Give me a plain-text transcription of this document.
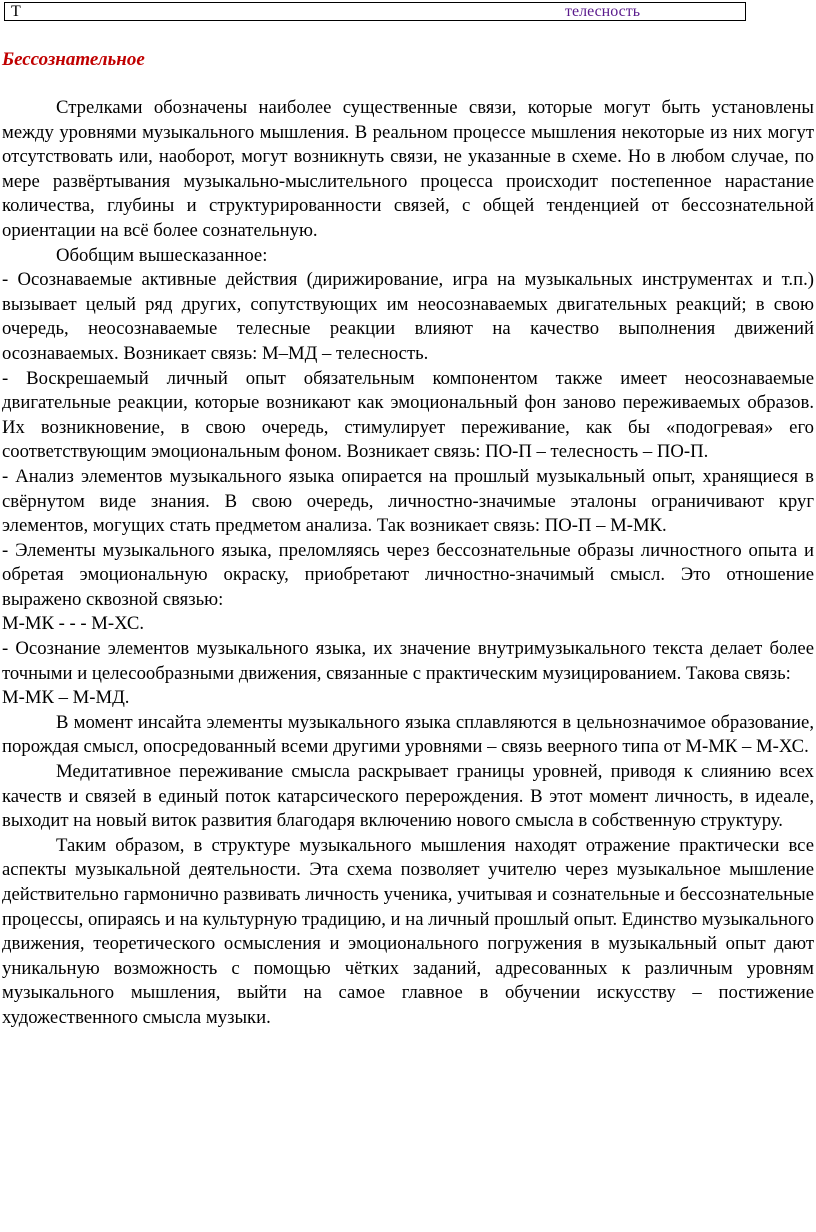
Т	телесность
Бессознательное

Стрелками обозначены наиболее существенные связи, которые могут быть установлены между уровнями музыкального мышления. В реальном процессе мышления некоторые из них могут отсутствовать или, наоборот, могут возникнуть связи, не указанные в схеме. Но в любом случае, по мере развёртывания музыкально-мыслительного процесса происходит постепенное нарастание количества, глубины и структурированности связей, с общей тенденцией от бессознательной ориентации на всё более сознательную.

Обобщим вышесказанное:

- Осознаваемые активные действия (дирижирование, игра на музыкальных инструментах и т.п.) вызывает целый ряд других, сопутствующих им неосознаваемых двигательных реакций; в свою очередь, неосознаваемые телесные реакции влияют на качество выполнения движений осознаваемых. Возникает связь: М–МД – телесность.

- Воскрешаемый личный опыт обязательным компонентом также имеет неосознаваемые двигательные реакции, которые возникают как эмоциональный фон заново переживаемых образов. Их возникновение, в свою очередь, стимулирует переживание, как бы «подогревая» его соответствующим эмоциональным фоном. Возникает связь: ПО-П – телесность – ПО-П.

- Анализ элементов музыкального языка опирается на прошлый музыкальный опыт, хранящиеся в свёрнутом виде знания. В свою очередь, личностно-значимые эталоны ограничивают круг элементов, могущих стать предметом анализа. Так возникает связь: ПО-П – М-МК.

- Элементы музыкального языка, преломляясь через бессознательные образы личностного опыта и обретая эмоциональную окраску, приобретают личностно-значимый смысл. Это отношение выражено сквозной связью:

М-МК - - - М-ХС.

- Осознание элементов музыкального языка, их значение внутримузыкального текста делает более точными и целесообразными движения, связанные с практическим музицированием. Такова связь:

М-МК – М-МД.

В момент инсайта элементы музыкального языка сплавляются в цельнозначимое образование, порождая смысл, опосредованный всеми другими уровнями – связь веерного типа от М-МК – М-ХС.

Медитативное переживание смысла раскрывает границы уровней, приводя к слиянию всех качеств и связей в единый поток катарсического перерождения. В этот момент личность, в идеале, выходит на новый виток развития благодаря включению нового смысла в собственную структуру.

Таким образом, в структуре музыкального мышления находят отражение практически все аспекты музыкальной деятельности. Эта схема позволяет учителю через музыкальное мышление действительно гармонично развивать личность ученика, учитывая и сознательные и бессознательные процессы, опираясь и на культурную традицию, и на личный прошлый опыт. Единство музыкального движения, теоретического осмысления и эмоционального погружения в музыкальный опыт дают уникальную возможность с помощью чётких заданий, адресованных к различным уровням музыкального мышления, выйти на самое главное в обучении искусству – постижение художественного смысла музыки.
